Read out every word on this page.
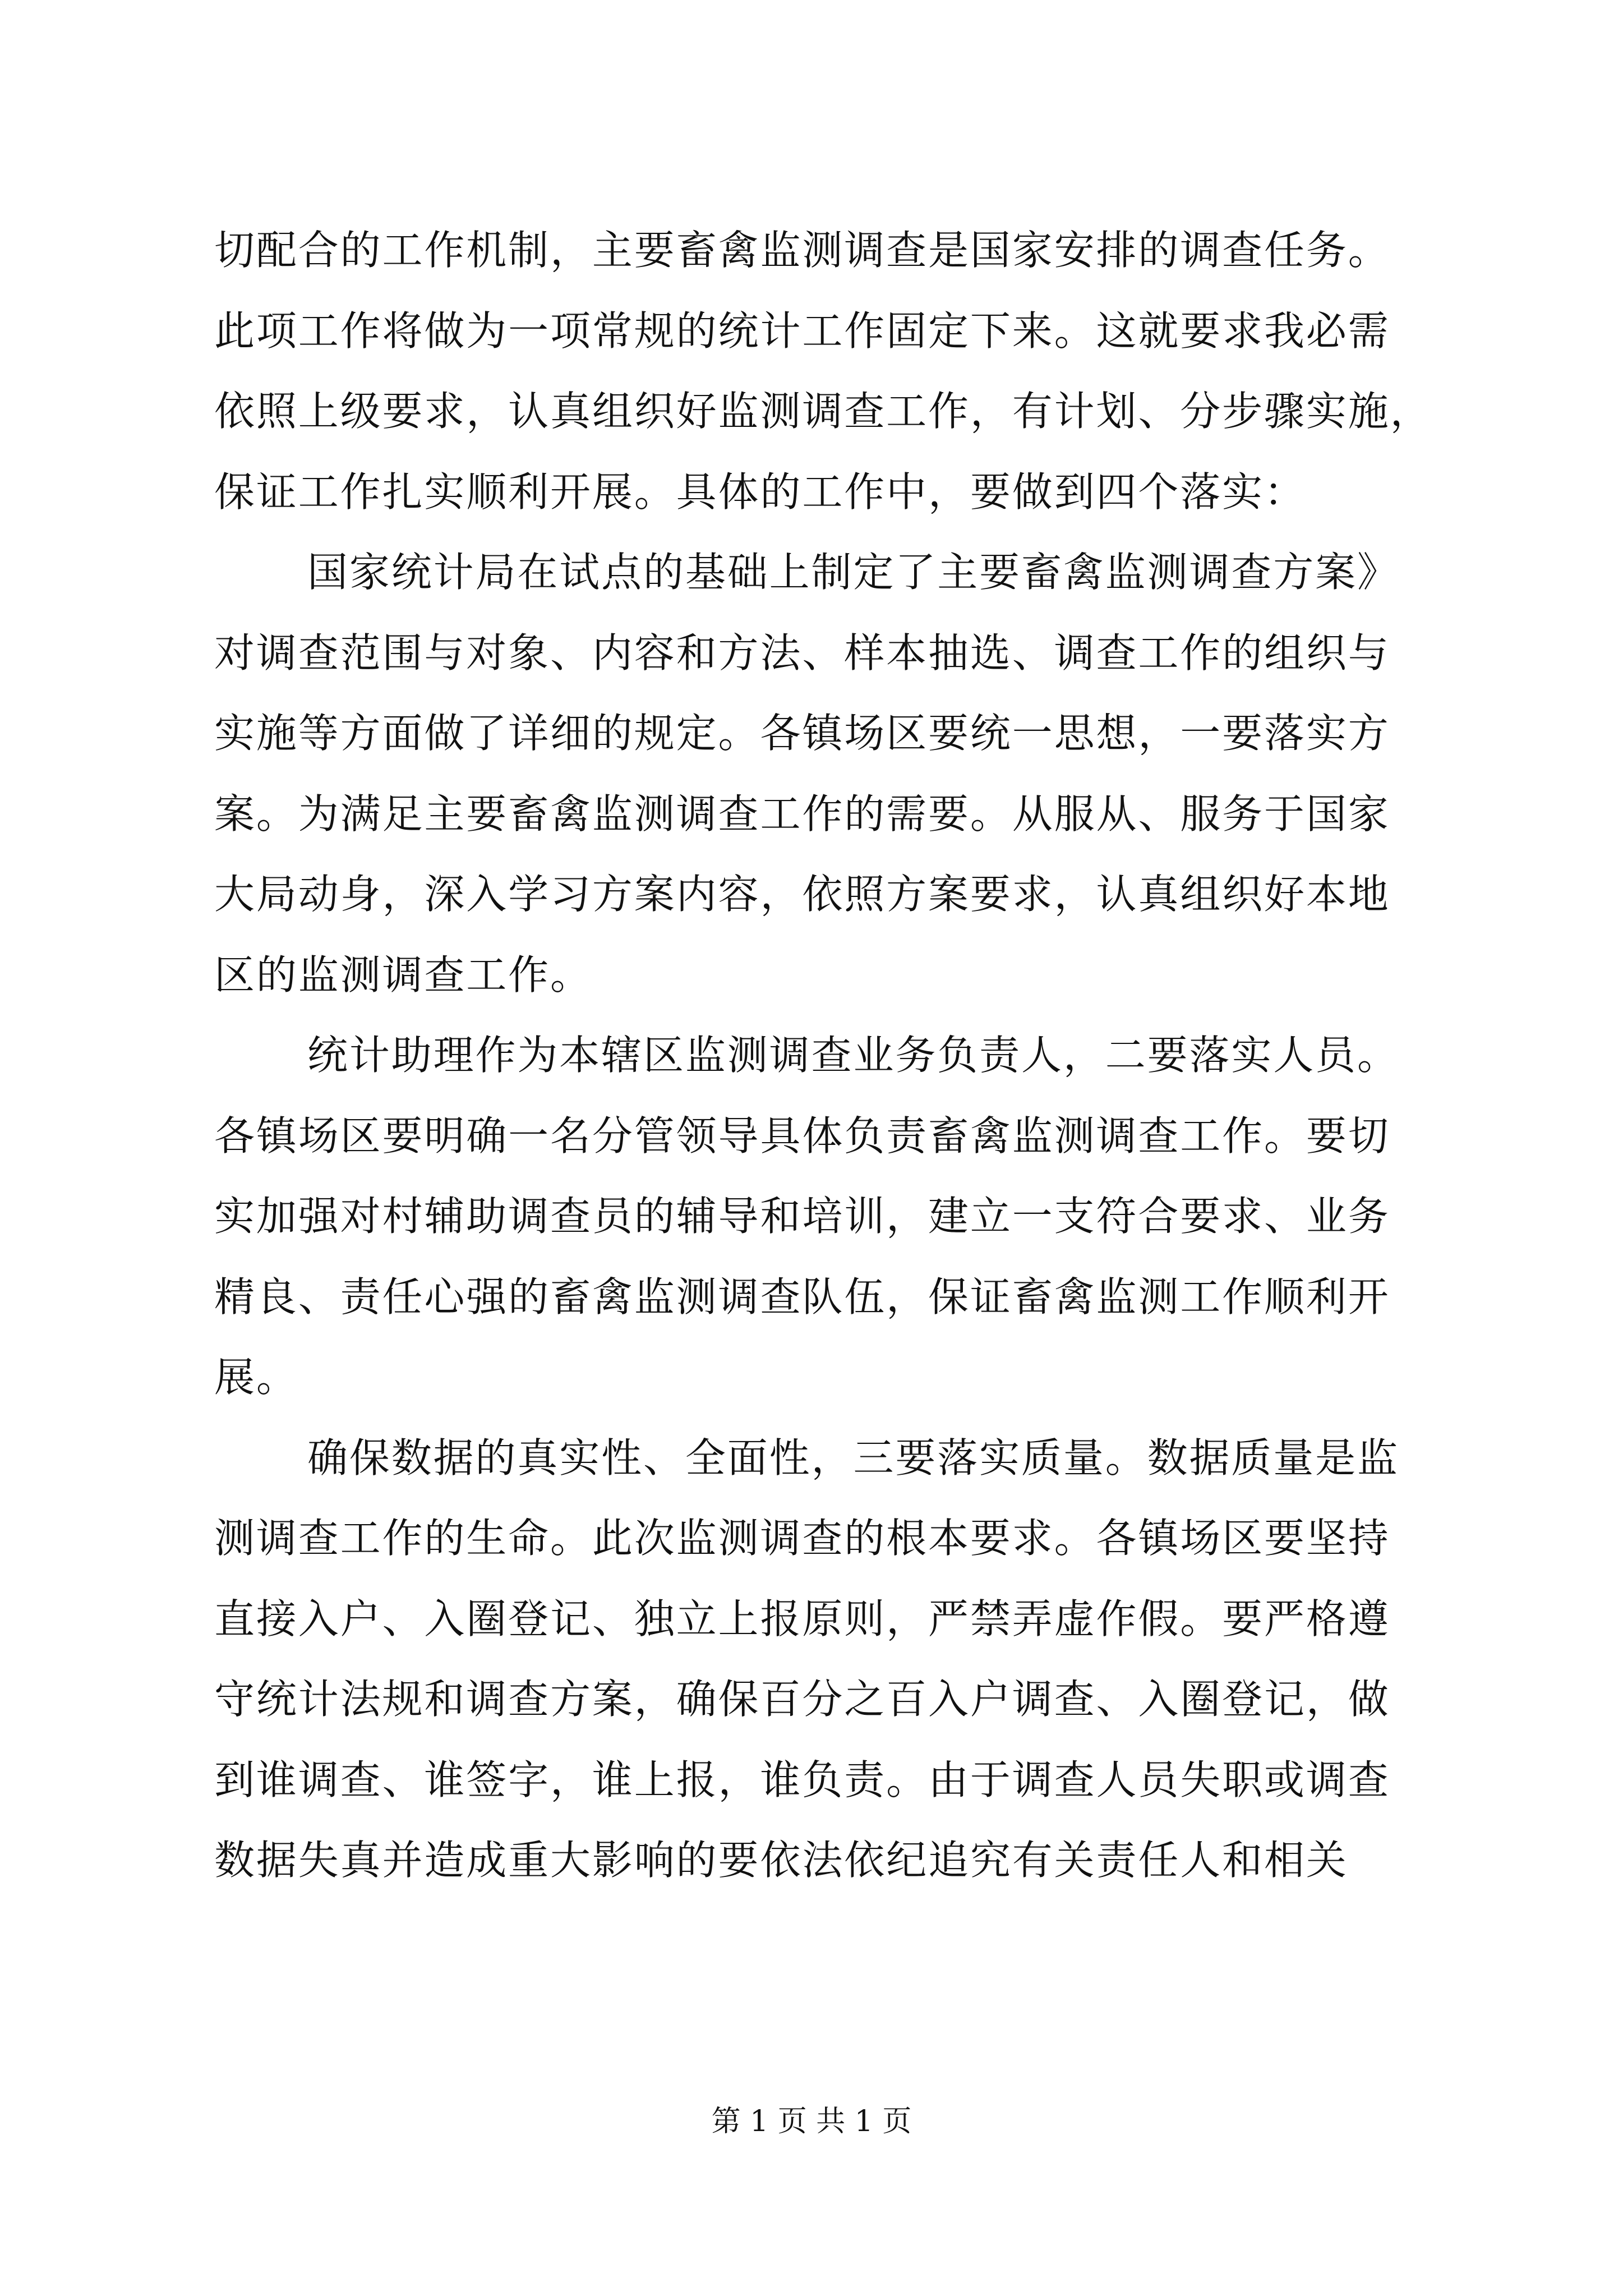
切配合的工作机制，主要畜禽监测调查是国家安排的调查任务。
此项工作将做为一项常规的统计工作固定下来。这就要求我必需
依照上级要求，认真组织好监测调查工作，有计划、分步骤实施，
保证工作扎实顺利开展。具体的工作中，要做到四个落实：
国家统计局在试点的基础上制定了主要畜禽监测调查方案》
对调查范围与对象、内容和方法、样本抽选、调查工作的组织与
实施等方面做了详细的规定。各镇场区要统一思想，一要落实方
案。为满足主要畜禽监测调查工作的需要。从服从、服务于国家
大局动身，深入学习方案内容，依照方案要求，认真组织好本地
区的监测调查工作。
统计助理作为本辖区监测调查业务负责人，二要落实人员。
各镇场区要明确一名分管领导具体负责畜禽监测调查工作。要切
实加强对村辅助调查员的辅导和培训，建立一支符合要求、业务
精良、责任心强的畜禽监测调查队伍，保证畜禽监测工作顺利开
展。
确保数据的真实性、全面性，三要落实质量。数据质量是监
测调查工作的生命。此次监测调查的根本要求。各镇场区要坚持
直接入户、入圈登记、独立上报原则，严禁弄虚作假。要严格遵
守统计法规和调查方案，确保百分之百入户调查、入圈登记，做
到谁调查、谁签字，谁上报，谁负责。由于调查人员失职或调查
数据失真并造成重大影响的要依法依纪追究有关责任人和相关
第 1 页 共 1 页
